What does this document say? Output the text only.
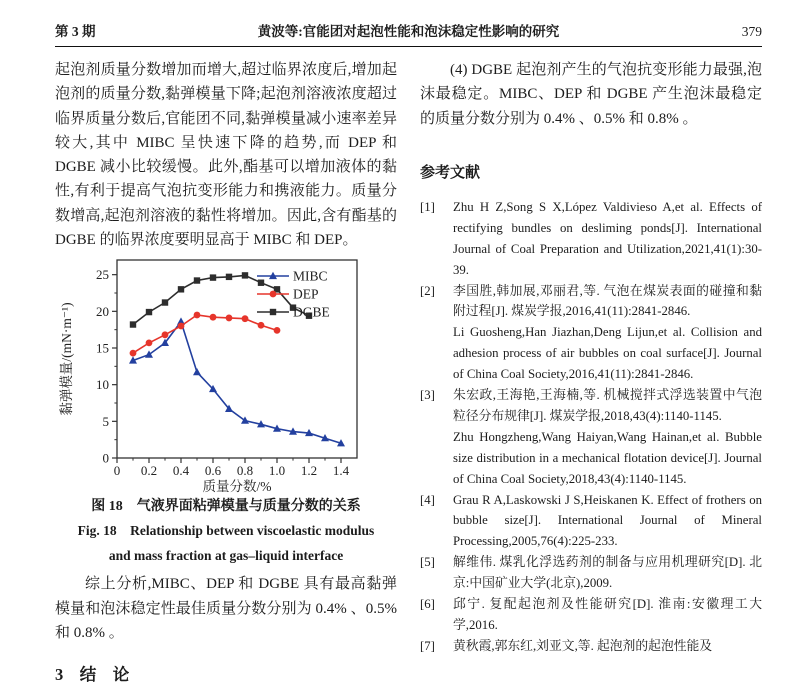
第 3 期	黄波等:官能团对起泡性能和泡沫稳定性影响的研究	379

起泡剂质量分数增加而增大,超过临界浓度后,增加起泡剂的质量分数,黏弹模量下降;起泡剂溶液浓度超过临界质量分数后,官能团不同,黏弹模量减小速率差异较大,其中 MIBC 呈快速下降的趋势,而 DEP 和 DGBE 减小比较缓慢。此外,酯基可以增加液体的黏性,有利于提高气泡抗变形能力和携液能力。质量分数增高,起泡剂溶液的黏性将增加。因此,含有酯基的 DGBE 的临界浓度要明显高于 MIBC 和 DEP。

0 0.2 0.4 0.6 0.8 1.0 1.2 1.4
0
5
10
15
20
25
质量分数/%
黏弹模量/(mN·m⁻¹)
MIBC
DEP
DGBE
图 18　气液界面粘弹模量与质量分数的关系
Fig. 18　Relationship between viscoelastic modulus
and mass fraction at gas–liquid interface

综上分析,MIBC、DEP 和 DGBE 具有最高黏弹模量和泡沫稳定性最佳质量分数分别为 0.4% 、0.5% 和 0.8% 。

3　结　论

(4) DGBE 起泡剂产生的气泡抗变形能力最强,泡沫最稳定。MIBC、DEP 和 DGBE 产生泡沫最稳定的质量分数分别为 0.4% 、0.5% 和 0.8% 。

参考文献
[1]	Zhu H Z,Song S X,López Valdivieso A,et al. Effects of rectifying bundles on desliming ponds[J]. International Journal of Coal Preparation and Utilization,2021,41(1):30-39.
[2]	李国胜,韩加展,邓丽君,等. 气泡在煤炭表面的碰撞和黏附过程[J]. 煤炭学报,2016,41(11):2841-2846.
Li Guosheng,Han Jiazhan,Deng Lijun,et al. Collision and adhesion process of air bubbles on coal surface[J]. Journal of China Coal Society,2016,41(11):2841-2846.
[3]	朱宏政,王海艳,王海楠,等. 机械搅拌式浮选装置中气泡粒径分布规律[J]. 煤炭学报,2018,43(4):1140-1145.
Zhu Hongzheng,Wang Haiyan,Wang Hainan,et al. Bubble size distribution in a mechanical flotation device[J]. Journal of China Coal Society,2018,43(4):1140-1145.
[4]	Grau R A,Laskowski J S,Heiskanen K. Effect of frothers on bubble size[J]. International Journal of Mineral Processing,2005,76(4):225-233.
[5]	解维伟. 煤乳化浮选药剂的制备与应用机理研究[D]. 北京:中国矿业大学(北京),2009.
[6]	邱宁. 复配起泡剂及性能研究[D]. 淮南:安徽理工大学,2016.
[7]	黄秋霞,郭东红,刘亚文,等. 起泡剂的起泡性能及
